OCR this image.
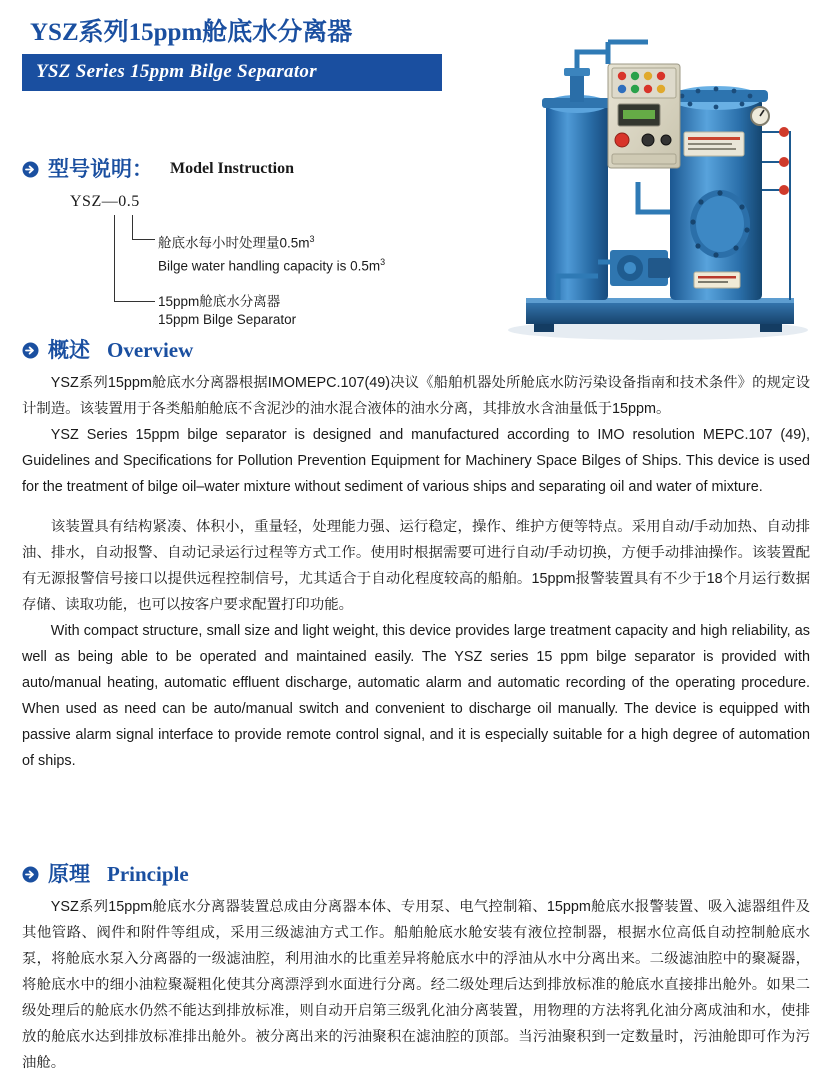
YSZ系列15ppm舱底水分离器
YSZ Series 15ppm Bilge Separator
型号说明： Model Instruction
YSZ—0.5
舱底水每小时处理量$0.5m^3$
Bilge water handling capacity is $0.5m^3$
15ppm舱底水分离器
15ppm Bilge Separator
概述 Overview

YSZ系列15ppm舱底水分离器根据IMOMEPC.107(49)决议《船舶机器处所舱底水防污染设备指南和技术条件》的规定设计制造。该装置用于各类船舶舱底不含泥沙的油水混合液体的油水分离，其排放水含油量低于15ppm。

YSZ Series 15ppm bilge separator is designed and manufactured according to IMO resolution MEPC.107 (49), Guidelines and Specifications for Pollution Prevention Equipment for Machinery Space Bilges of Ships. This device is used for the treatment of bilge oil–water mixture without sediment of various ships and separating oil and water of mixture.

该装置具有结构紧凑、体积小，重量轻，处理能力强、运行稳定，操作、维护方便等特点。采用自动/手动加热、自动排油、排水，自动报警、自动记录运行过程等方式工作。使用时根据需要可进行自动/手动切换，方便手动排油操作。该装置配有无源报警信号接口以提供远程控制信号，尤其适合于自动化程度较高的船舶。15ppm报警装置具有不少于18个月运行数据存储、读取功能，也可以按客户要求配置打印功能。

With compact structure, small size and light weight, this device provides large treatment capacity and high reliability, as well as being able to be operated and maintained easily. The YSZ series 15 ppm bilge separator is provided with auto/manual heating, automatic effluent discharge, automatic alarm and automatic recording of the operating procedure. When used as need can be auto/manual switch and convenient to discharge oil manually. The device is equipped with passive alarm signal interface to provide remote control signal, and it is especially suitable for a high degree of automation of ships.

原理 Principle

YSZ系列15ppm舱底水分离器装置总成由分离器本体、专用泵、电气控制箱、15ppm舱底水报警装置、吸入滤器组件及其他管路、阀件和附件等组成，采用三级滤油方式工作。船舶舱底水舱安装有液位控制器，根据水位高低自动控制舱底水泵，将舱底水泵入分离器的一级滤油腔，利用油水的比重差异将舱底水中的浮油从水中分离出来。二级滤油腔中的聚凝器，将舱底水中的细小油粒聚凝粗化使其分离漂浮到水面进行分离。经二级处理后达到排放标准的舱底水直接排出舱外。如果二级处理后的舱底水仍然不能达到排放标准，则自动开启第三级乳化油分离装置，用物理的方法将乳化油分离成油和水，使排放的舱底水达到排放标准排出舱外。被分离出来的污油聚积在滤油腔的顶部。当污油聚积到一定数量时，污油舱即可作为污油舱。
